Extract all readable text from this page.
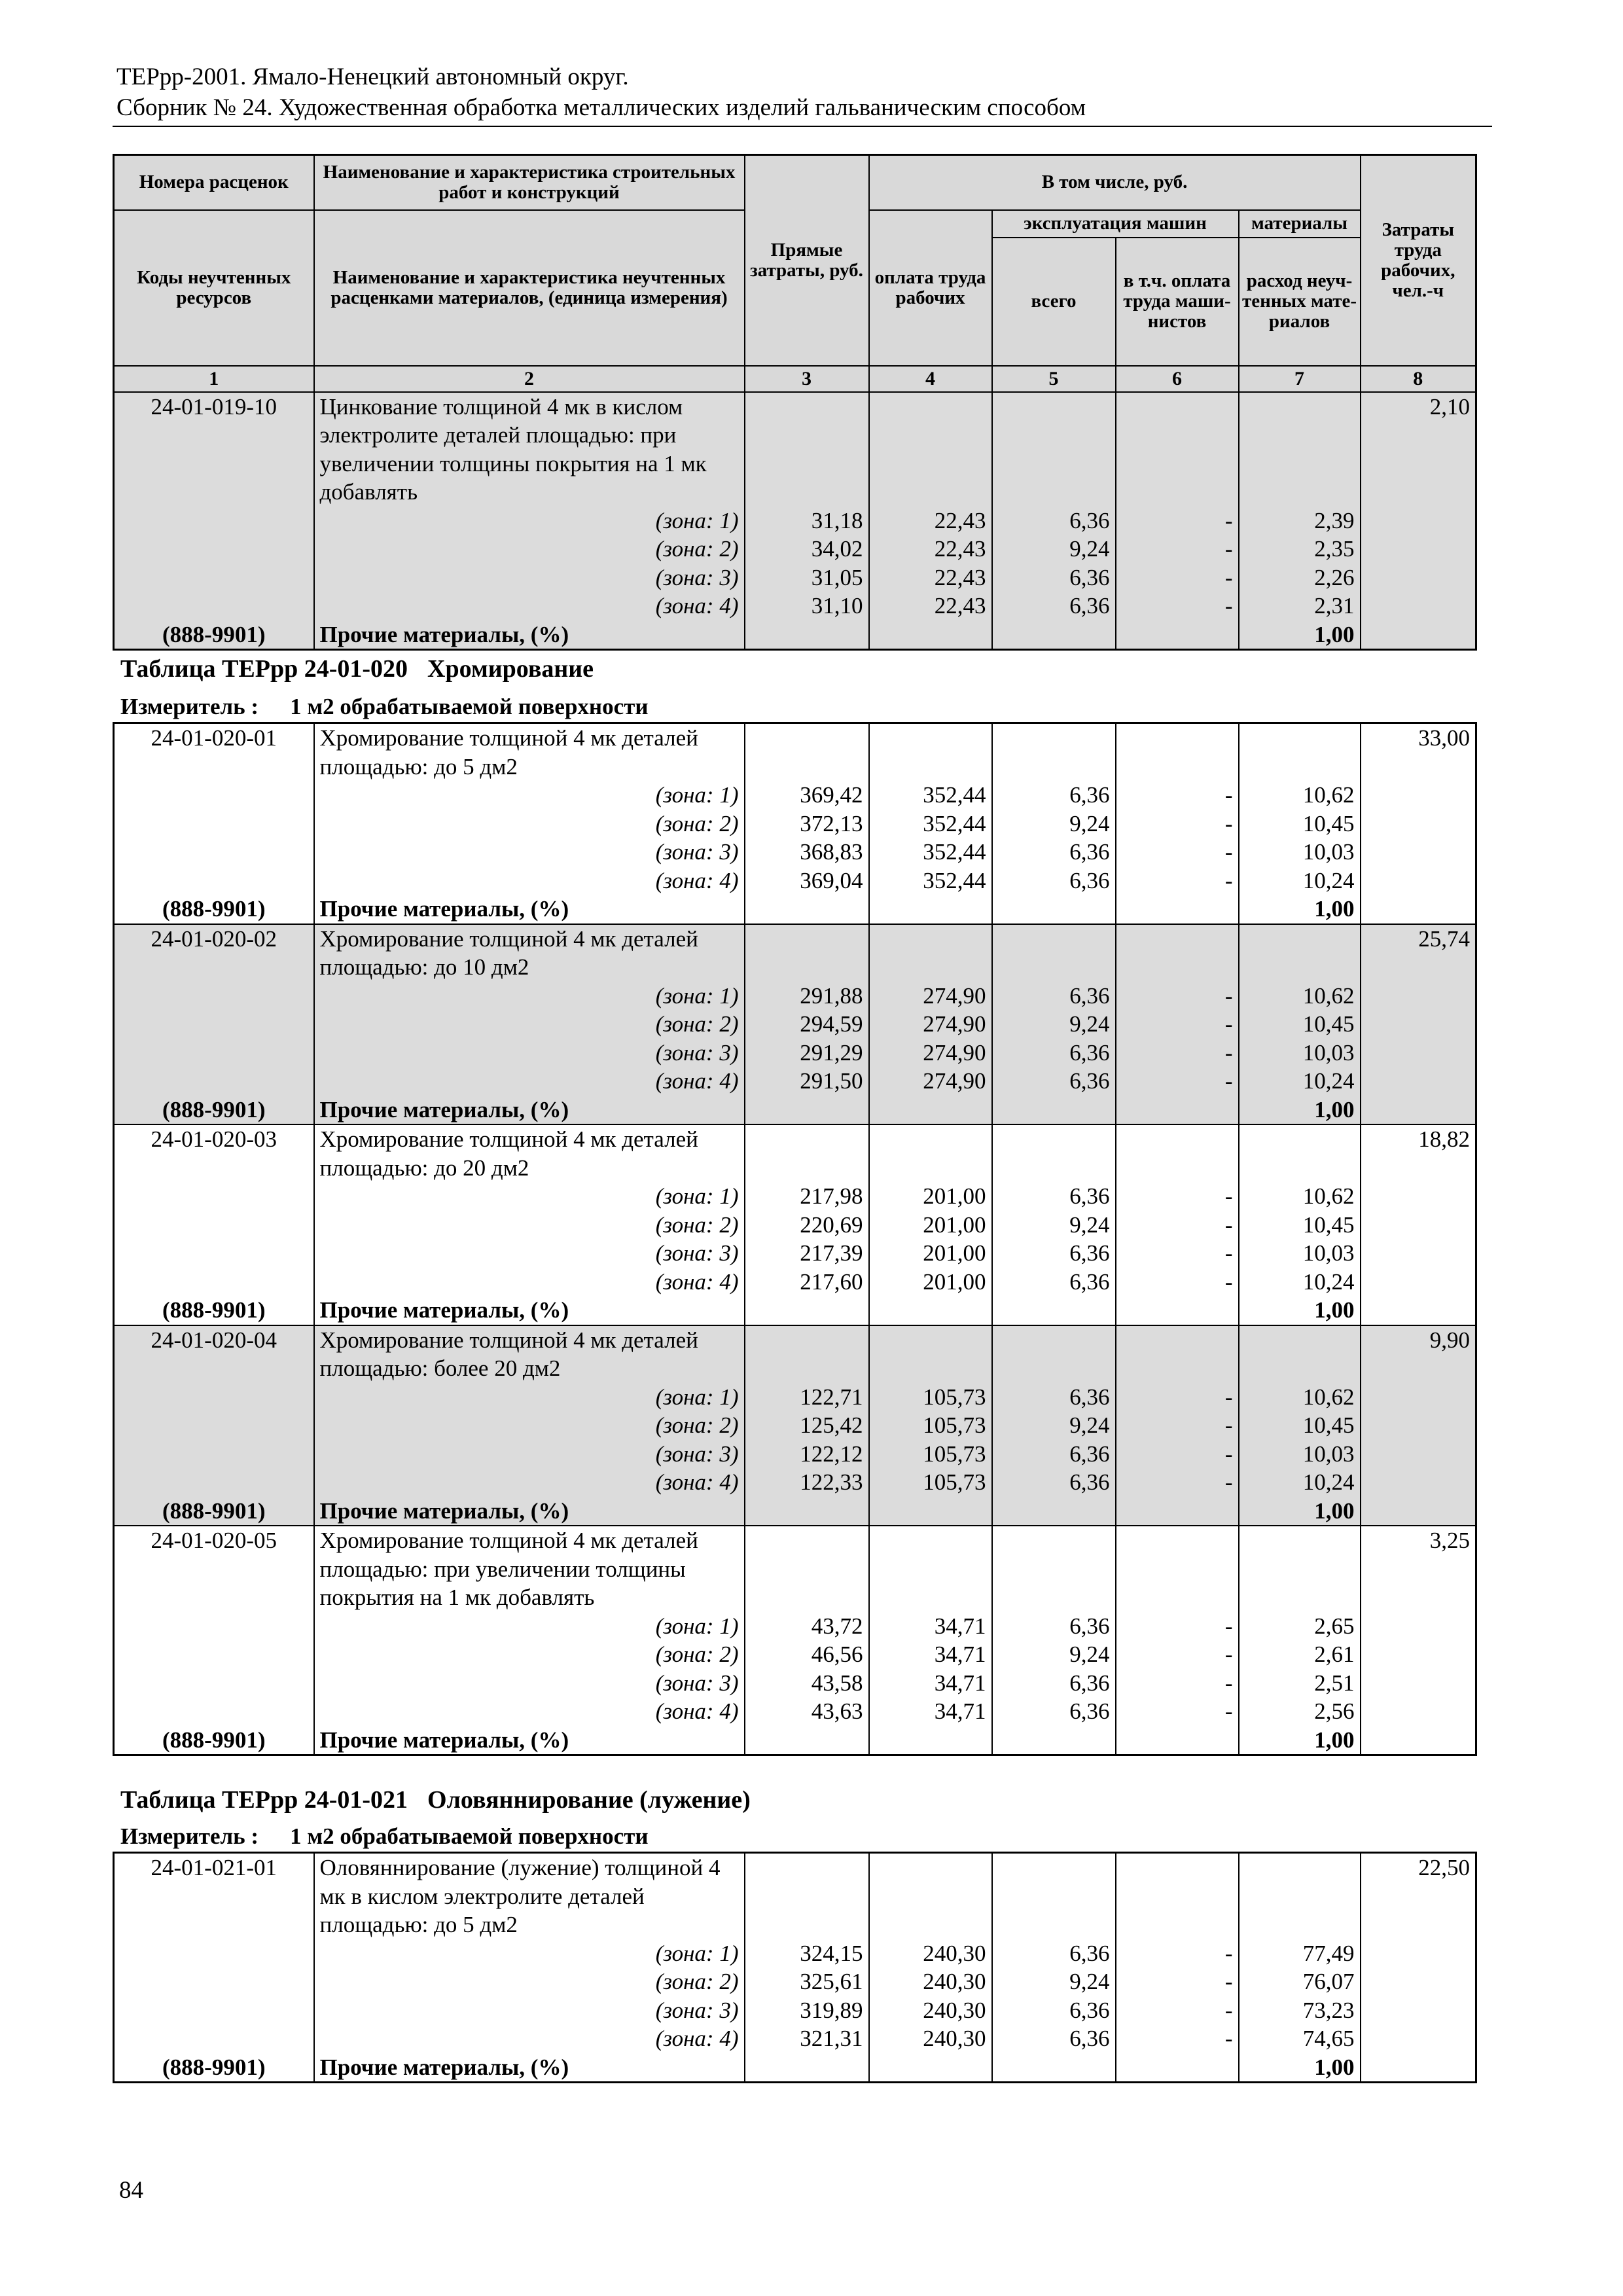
ТЕРрр-2001. Ямало-Ненецкий автономный округ.
Сборник № 24. Художественная обработка металлических изделий гальваническим способом
Номера расценок	Наименование и характеристика строительных работ и конструкций	Прямые затраты, руб.	В том числе, руб.				Затраты труда рабочих, чел.-ч
Коды неучтенных ресурсов	Наименование и характеристика неучтенных расценками материалов, (единица измерения)		оплата труда рабочих	эксплуатация машин		материалы	
				всего	в т.ч. оплата труда маши-нистов	расход неуч-тенных мате-риалов	
1	2	3	4	5	6	7	8
24-01-019-10	Цинкование толщиной 4 мк в кислом электролите деталей площадью: при увеличении толщины покрытия на 1 мк добавлять						2,10
	(зона: 1)	31,18	22,43	6,36	-	2,39	
	(зона: 2)	34,02	22,43	9,24	-	2,35	
	(зона: 3)	31,05	22,43	6,36	-	2,26	
	(зона: 4)	31,10	22,43	6,36	-	2,31	
(888-9901)	Прочие материалы, (%)					1,00	
Таблица ТЕРрр 24-01-020 Хромирование
Измеритель : 1 м2 обрабатываемой поверхности
24-01-020-01	Хромирование толщиной 4 мк деталей площадью: до 5 дм2						33,00
	(зона: 1)	369,42	352,44	6,36	-	10,62	
	(зона: 2)	372,13	352,44	9,24	-	10,45	
	(зона: 3)	368,83	352,44	6,36	-	10,03	
	(зона: 4)	369,04	352,44	6,36	-	10,24	
(888-9901)	Прочие материалы, (%)					1,00	
24-01-020-02	Хромирование толщиной 4 мк деталей площадью: до 10 дм2						25,74
	(зона: 1)	291,88	274,90	6,36	-	10,62	
	(зона: 2)	294,59	274,90	9,24	-	10,45	
	(зона: 3)	291,29	274,90	6,36	-	10,03	
	(зона: 4)	291,50	274,90	6,36	-	10,24	
(888-9901)	Прочие материалы, (%)					1,00	
24-01-020-03	Хромирование толщиной 4 мк деталей площадью: до 20 дм2						18,82
	(зона: 1)	217,98	201,00	6,36	-	10,62	
	(зона: 2)	220,69	201,00	9,24	-	10,45	
	(зона: 3)	217,39	201,00	6,36	-	10,03	
	(зона: 4)	217,60	201,00	6,36	-	10,24	
(888-9901)	Прочие материалы, (%)					1,00	
24-01-020-04	Хромирование толщиной 4 мк деталей площадью: более 20 дм2						9,90
	(зона: 1)	122,71	105,73	6,36	-	10,62	
	(зона: 2)	125,42	105,73	9,24	-	10,45	
	(зона: 3)	122,12	105,73	6,36	-	10,03	
	(зона: 4)	122,33	105,73	6,36	-	10,24	
(888-9901)	Прочие материалы, (%)					1,00	
24-01-020-05	Хромирование толщиной 4 мк деталей площадью: при увеличении толщины покрытия на 1 мк добавлять						3,25
	(зона: 1)	43,72	34,71	6,36	-	2,65	
	(зона: 2)	46,56	34,71	9,24	-	2,61	
	(зона: 3)	43,58	34,71	6,36	-	2,51	
	(зона: 4)	43,63	34,71	6,36	-	2,56	
(888-9901)	Прочие материалы, (%)					1,00	
Таблица ТЕРрр 24-01-021 Оловяннирование (лужение)
Измеритель : 1 м2 обрабатываемой поверхности
24-01-021-01	Оловяннирование (лужение) толщиной 4 мк в кислом электролите деталей площадью: до 5 дм2						22,50
	(зона: 1)	324,15	240,30	6,36	-	77,49	
	(зона: 2)	325,61	240,30	9,24	-	76,07	
	(зона: 3)	319,89	240,30	6,36	-	73,23	
	(зона: 4)	321,31	240,30	6,36	-	74,65	
(888-9901)	Прочие материалы, (%)					1,00	
84
